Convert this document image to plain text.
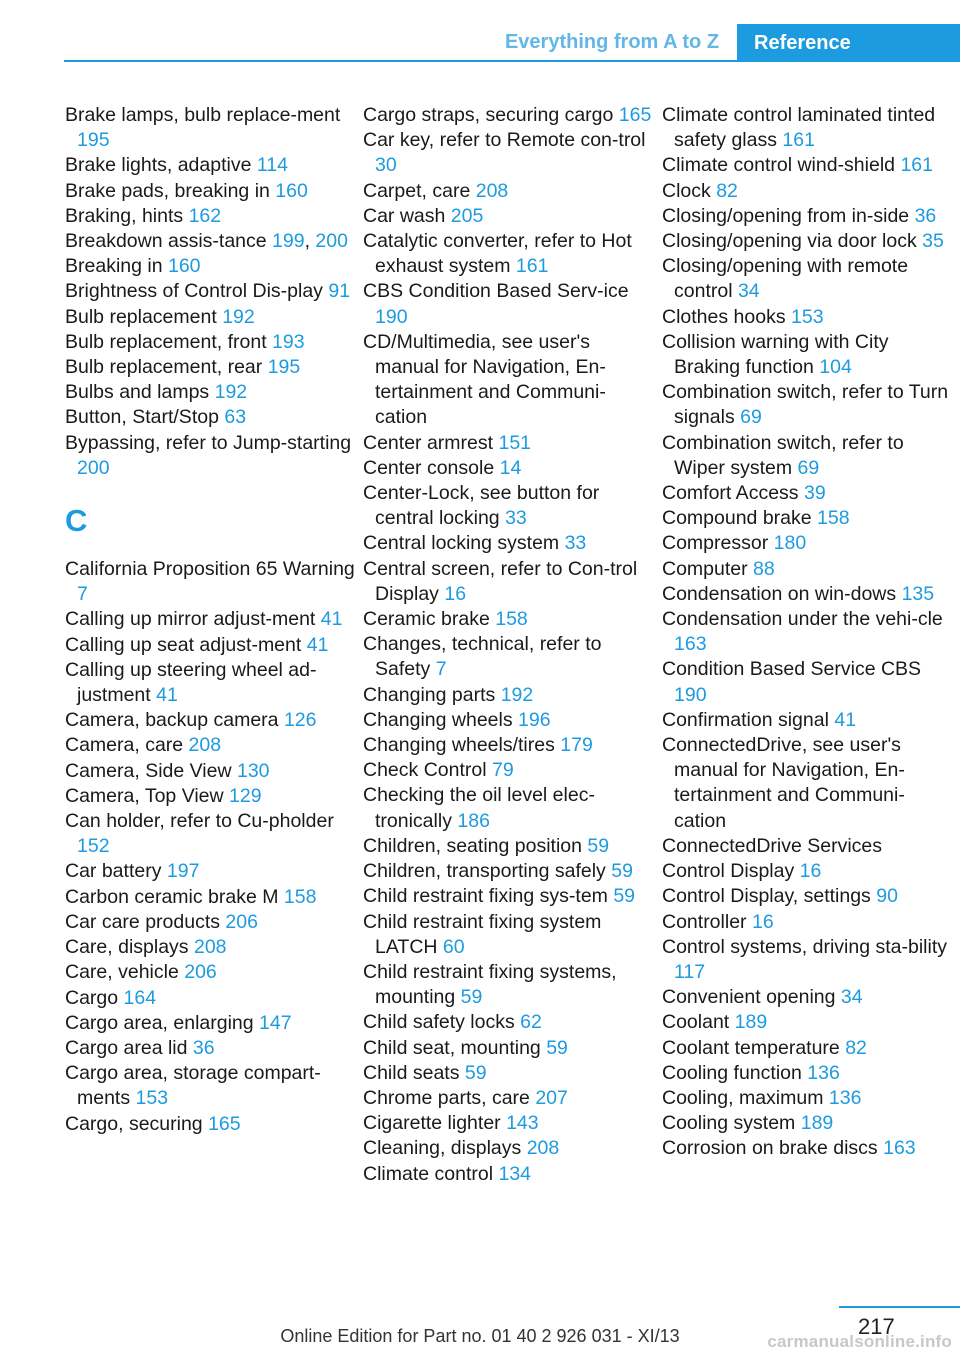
Everything from A to Z	Reference
Brake lamps, bulb replace‐ment 195
Brake lights, adaptive 114
Brake pads, breaking in 160
Braking, hints 162
Breakdown assis‐tance 199, 200
Breaking in 160
Brightness of Control Dis‐play 91
Bulb replacement 192
Bulb replacement, front 193
Bulb replacement, rear 195
Bulbs and lamps 192
Button, Start/Stop 63
Bypassing, refer to Jump‐starting 200
C
California Proposition 65 Warning 7
Calling up mirror adjust‐ment 41
Calling up seat adjust‐ment 41
Calling up steering wheel ad‐justment 41
Camera, backup camera 126
Camera, care 208
Camera, Side View 130
Camera, Top View 129
Can holder, refer to Cu‐pholder 152
Car battery 197
Carbon ceramic brake M 158
Car care products 206
Care, displays 208
Care, vehicle 206
Cargo 164
Cargo area, enlarging 147
Cargo area lid 36
Cargo area, storage compart‐ments 153
Cargo, securing 165
Cargo straps, securing cargo 165
Car key, refer to Remote con‐trol 30
Carpet, care 208
Car wash 205
Catalytic converter, refer to Hot exhaust system 161
CBS Condition Based Serv‐ice 190
CD/Multimedia, see user's manual for Navigation, En‐tertainment and Communi‐cation
Center armrest 151
Center console 14
Center-Lock, see button for central locking 33
Central locking system 33
Central screen, refer to Con‐trol Display 16
Ceramic brake 158
Changes, technical, refer to Safety 7
Changing parts 192
Changing wheels 196
Changing wheels/tires 179
Check Control 79
Checking the oil level elec‐tronically 186
Children, seating position 59
Children, transporting safely 59
Child restraint fixing sys‐tem 59
Child restraint fixing system LATCH 60
Child restraint fixing systems, mounting 59
Child safety locks 62
Child seat, mounting 59
Child seats 59
Chrome parts, care 207
Cigarette lighter 143
Cleaning, displays 208
Climate control 134
Climate control laminated tinted safety glass 161
Climate control wind‐shield 161
Clock 82
Closing/opening from in‐side 36
Closing/opening via door lock 35
Closing/opening with remote control 34
Clothes hooks 153
Collision warning with City Braking function 104
Combination switch, refer to Turn signals 69
Combination switch, refer to Wiper system 69
Comfort Access 39
Compound brake 158
Compressor 180
Computer 88
Condensation on win‐dows 135
Condensation under the vehi‐cle 163
Condition Based Service CBS 190
Confirmation signal 41
ConnectedDrive, see user's manual for Navigation, En‐tertainment and Communi‐cation
ConnectedDrive Services
Control Display 16
Control Display, settings 90
Controller 16
Control systems, driving sta‐bility 117
Convenient opening 34
Coolant 189
Coolant temperature 82
Cooling function 136
Cooling, maximum 136
Cooling system 189
Corrosion on brake discs 163
217
Online Edition for Part no. 01 40 2 926 031 - XI/13	carmanualsonline.info
